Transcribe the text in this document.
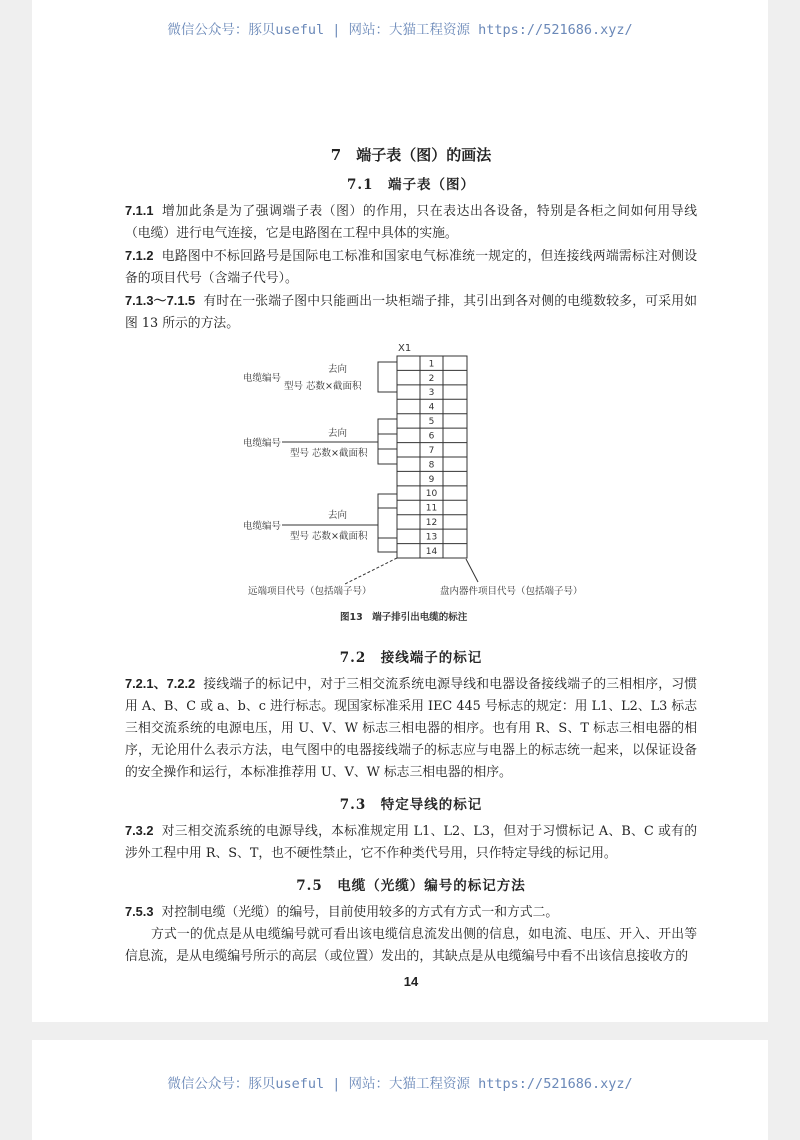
微信公众号：豚贝useful | 网站：大猫工程资源 https://521686.xyz/
7　端子表（图）的画法
7.1　端子表（图）

7.1.1 增加此条是为了强调端子表（图）的作用，只在表达出各设备，特别是各柜之间如何用导线（电缆）进行电气连接，它是电路图在工程中具体的实施。

7.1.2 电路图中不标回路号是国际电工标准和国家电气标准统一规定的，但连接线两端需标注对侧设备的项目代号（含端子代号）。

7.1.3～7.1.5 有时在一张端子图中只能画出一块柜端子排，其引出到各对侧的电缆数较多，可采用如图 13 所示的方法。

1
2
3
4
5
6
7
8
9
10
11
12
13
14
X1
电缆编号
去向
型号 芯数×截面积
电缆编号
去向
型号 芯数×截面积
电缆编号
去向
型号 芯数×截面积
远端项目代号（包括端子号）	盘内器件项目代号（包括端子号）
图13　端子排引出电缆的标注
7.2　接线端子的标记

7.2.1、7.2.2 接线端子的标记中，对于三相交流系统电源导线和电器设备接线端子的三相相序，习惯用 A、B、C 或 a、b、c 进行标志。现国家标准采用 IEC 445 号标志的规定：用 L1、L2、L3 标志三相交流系统的电源电压，用 U、V、W 标志三相电器的相序。也有用 R、S、T 标志三相电器的相序，无论用什么表示方法，电气图中的电器接线端子的标志应与电器上的标志统一起来，以保证设备的安全操作和运行，本标准推荐用 U、V、W 标志三相电器的相序。

7.3　特定导线的标记

7.3.2 对三相交流系统的电源导线，本标准规定用 L1、L2、L3，但对于习惯标记 A、B、C 或有的涉外工程中用 R、S、T，也不硬性禁止，它不作种类代号用，只作特定导线的标记用。

7.5　电缆（光缆）编号的标记方法

7.5.3 对控制电缆（光缆）的编号，目前使用较多的方式有方式一和方式二。

方式一的优点是从电缆编号就可看出该电缆信息流发出侧的信息，如电流、电压、开入、开出等信息流，是从电缆编号所示的高层（或位置）发出的，其缺点是从电缆编号中看不出该信息接收方的

14
微信公众号：豚贝useful | 网站：大猫工程资源 https://521686.xyz/
